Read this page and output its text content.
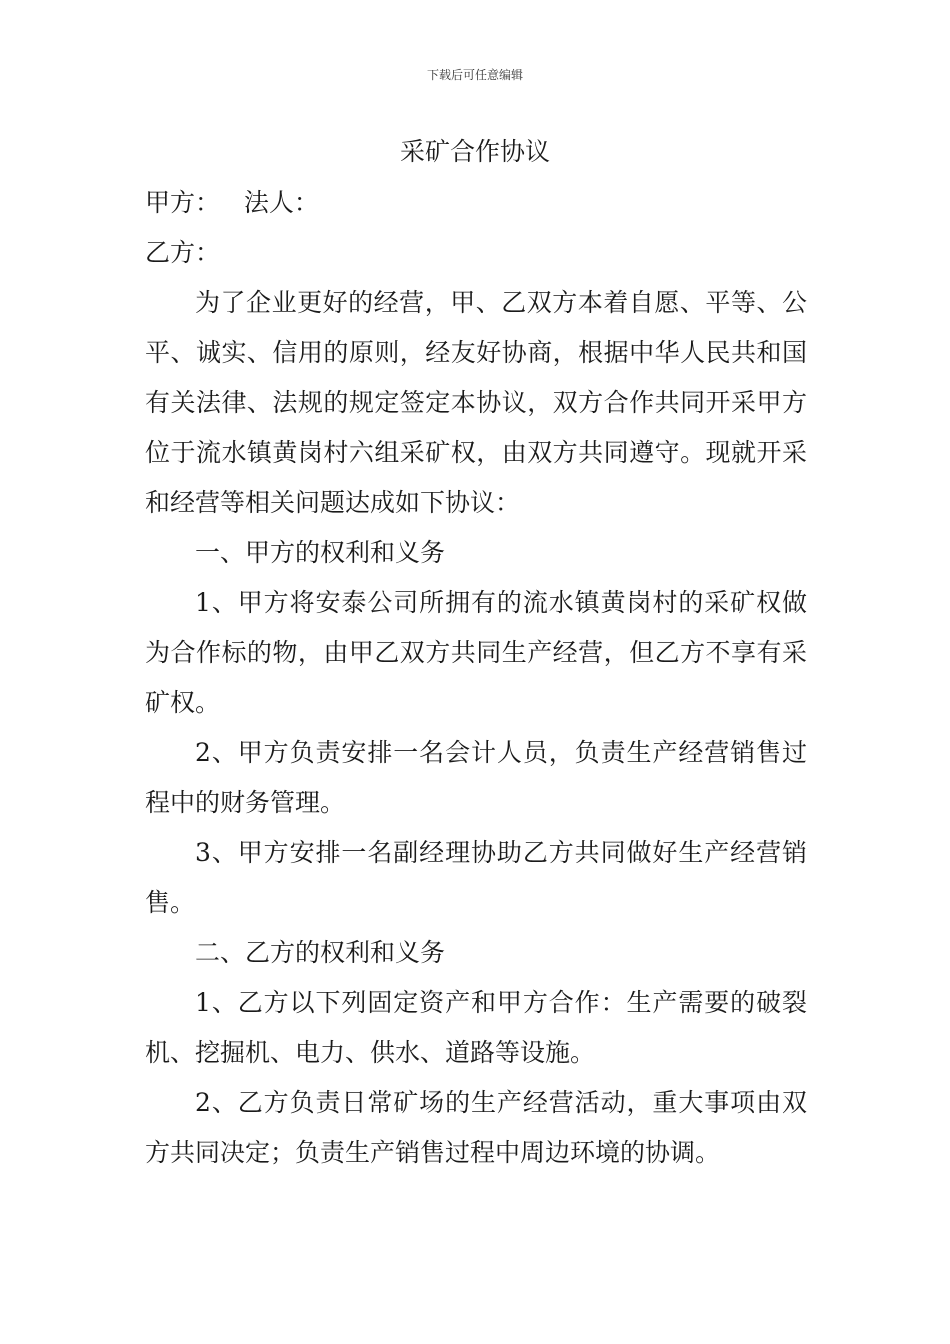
下载后可任意编辑
采矿合作协议

甲方：   法人：

乙方：

为了企业更好的经营，甲、乙双方本着自愿、平等、公平、诚实、信用的原则，经友好协商，根据中华人民共和国有关法律、法规的规定签定本协议，双方合作共同开采甲方位于流水镇黄岗村六组采矿权，由双方共同遵守。现就开采和经营等相关问题达成如下协议：

一、甲方的权利和义务

1、甲方将安泰公司所拥有的流水镇黄岗村的采矿权做为合作标的物，由甲乙双方共同生产经营，但乙方不享有采矿权。

2、甲方负责安排一名会计人员，负责生产经营销售过程中的财务管理。

3、甲方安排一名副经理协助乙方共同做好生产经营销售。

二、乙方的权利和义务

1、乙方以下列固定资产和甲方合作：生产需要的破裂机、挖掘机、电力、供水、道路等设施。

2、乙方负责日常矿场的生产经营活动，重大事项由双方共同决定；负责生产销售过程中周边环境的协调。
